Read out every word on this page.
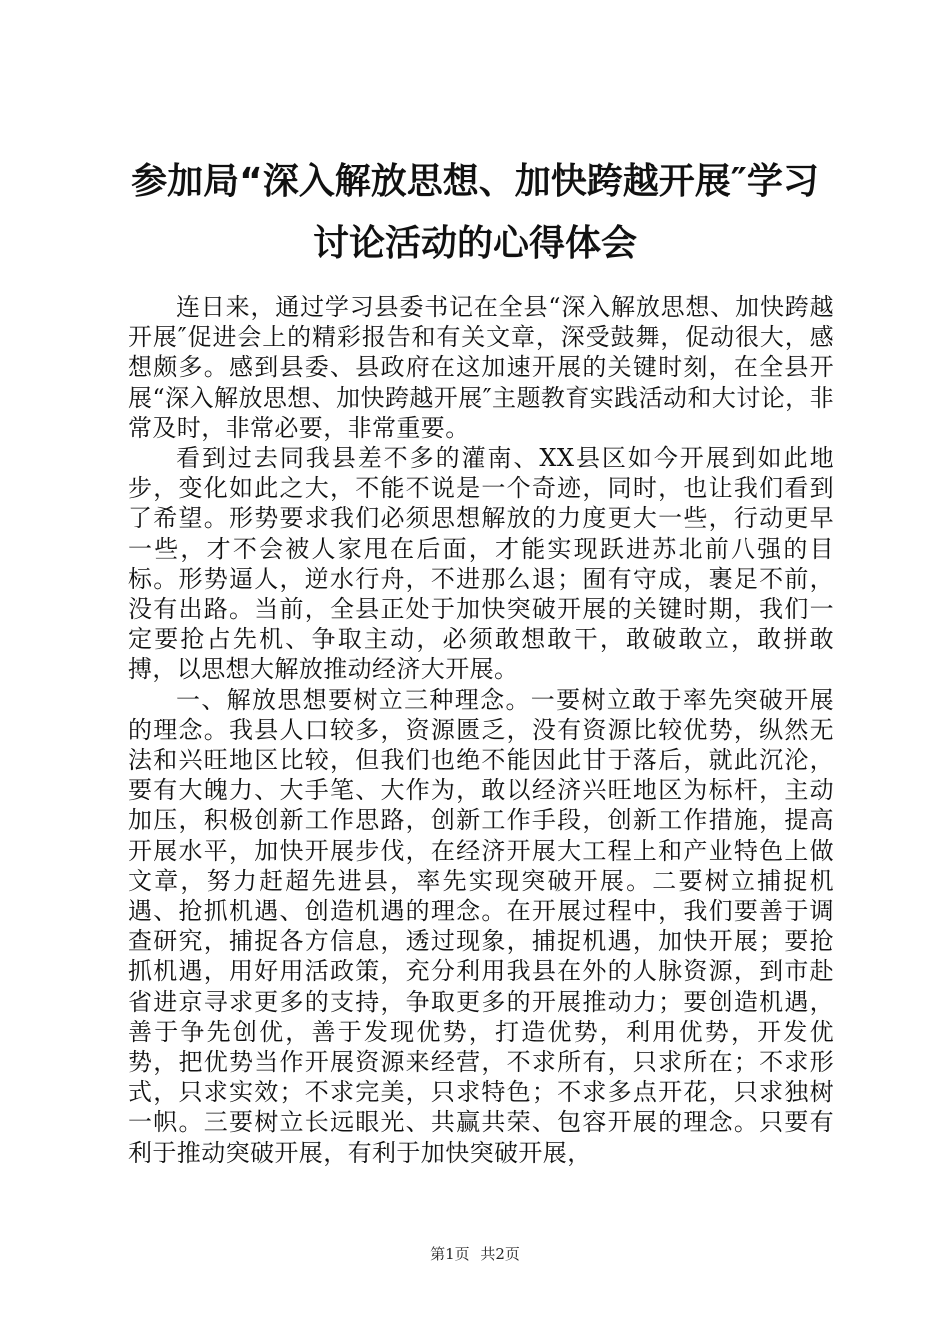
参加局“深入解放思想、加快跨越开展″学习
讨论活动的心得体会

连日来，通过学习县委书记在全县“深入解放思想、加快跨越开展″促进会上的精彩报告和有关文章，深受鼓舞，促动很大，感想颇多。感到县委、县政府在这加速开展的关键时刻，在全县开展“深入解放思想、加快跨越开展″主题教育实践活动和大讨论，非常及时，非常必要，非常重要。

看到过去同我县差不多的灌南、XX县区如今开展到如此地步，变化如此之大，不能不说是一个奇迹，同时，也让我们看到了希望。形势要求我们必须思想解放的力度更大一些，行动更早一些，才不会被人家甩在后面，才能实现跃进苏北前八强的目标。形势逼人，逆水行舟，不进那么退；囿有守成，裹足不前，没有出路。当前，全县正处于加快突破开展的关键时期，我们一定要抢占先机、争取主动，必须敢想敢干，敢破敢立，敢拼敢搏，以思想大解放推动经济大开展。

一、解放思想要树立三种理念。一要树立敢于率先突破开展的理念。我县人口较多，资源匮乏，没有资源比较优势，纵然无法和兴旺地区比较，但我们也绝不能因此甘于落后，就此沉沦，要有大魄力、大手笔、大作为，敢以经济兴旺地区为标杆，主动加压，积极创新工作思路，创新工作手段，创新工作措施，提高开展水平，加快开展步伐，在经济开展大工程上和产业特色上做文章，努力赶超先进县，率先实现突破开展。二要树立捕捉机遇、抢抓机遇、创造机遇的理念。在开展过程中，我们要善于调查研究，捕捉各方信息，透过现象，捕捉机遇，加快开展；要抢抓机遇，用好用活政策，充分利用我县在外的人脉资源，到市赴省进京寻求更多的支持，争取更多的开展推动力；要创造机遇，善于争先创优，善于发现优势，打造优势，利用优势，开发优势，把优势当作开展资源来经营，不求所有，只求所在；不求形式，只求实效；不求完美，只求特色；不求多点开花，只求独树一帜。三要树立长远眼光、共赢共荣、包容开展的理念。只要有利于推动突破开展，有利于加快突破开展，

第1页 共2页
